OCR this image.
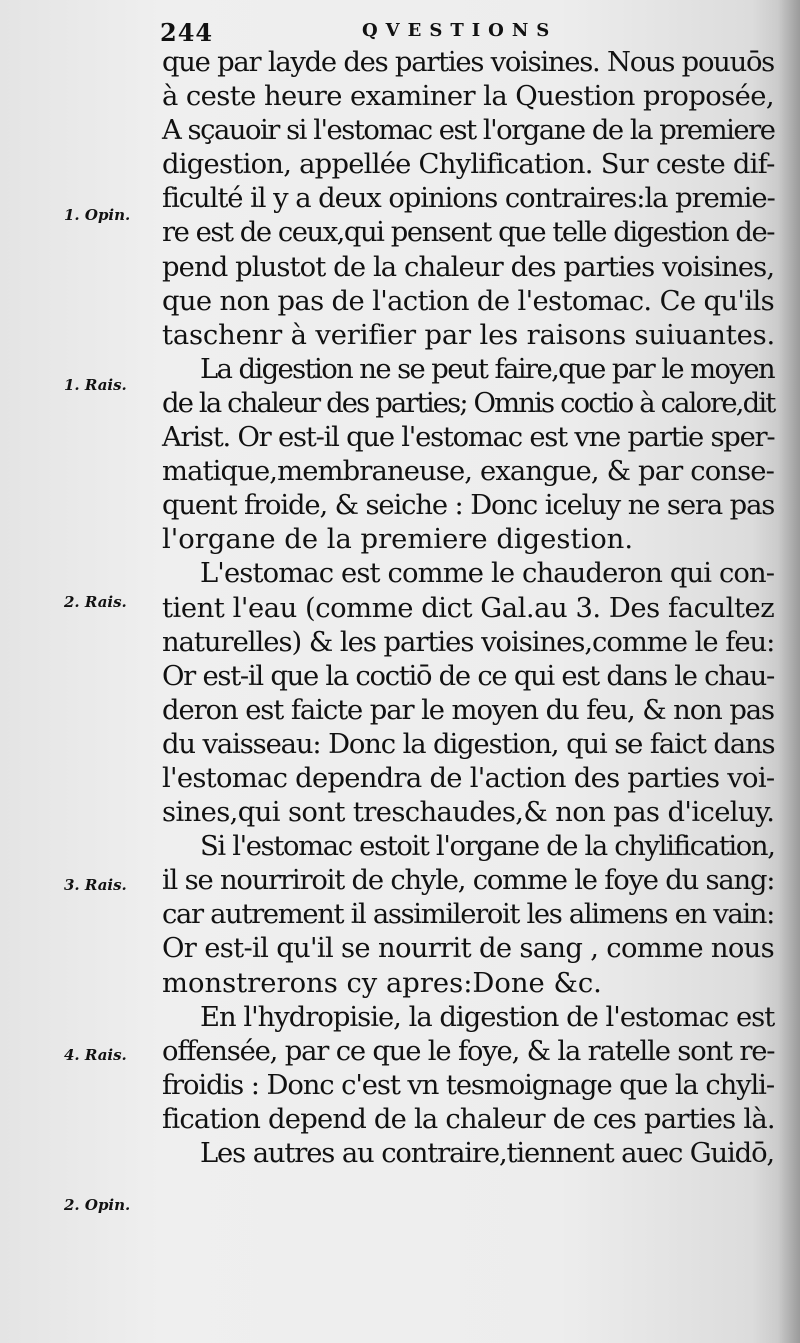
244	QVESTIONS
1. Opin.
1. Rais.
2. Rais.
3. Rais.
4. Rais.
2. Opin.
que par layde des parties voisines. Nous pouuōs
à ceste heure examiner la Question proposée,
A sçauoir si l'estomac est l'organe de la premiere
digestion, appellée Chylification. Sur ceste dif-
ficulté il y a deux opinions contraires:la premie-
re est de ceux,qui pensent que telle digestion de-
pend plustot de la chaleur des parties voisines,
que non pas de l'action de l'estomac. Ce qu'ils
taschenr à verifier par les raisons suiuantes.
La digestion ne se peut faire,que par le moyen
de la chaleur des parties; Omnis coctio à calore,dit
Arist. Or est-il que l'estomac est vne partie sper-
matique,membraneuse, exangue, & par conse-
quent froide, & seiche : Donc iceluy ne sera pas
l'organe de la premiere digestion.
L'estomac est comme le chauderon qui con-
tient l'eau (comme dict Gal.au 3. Des facultez
naturelles) & les parties voisines,comme le feu:
Or est-il que la coctiō de ce qui est dans le chau-
deron est faicte par le moyen du feu, & non pas
du vaisseau: Donc la digestion, qui se faict dans
l'estomac dependra de l'action des parties voi-
sines,qui sont treschaudes,& non pas d'iceluy.
Si l'estomac estoit l'organe de la chylification,
il se nourriroit de chyle, comme le foye du sang:
car autrement il assimileroit les alimens en vain:
Or est-il qu'il se nourrit de sang , comme nous
monstrerons cy apres:Done &c.
En l'hydropisie, la digestion de l'estomac est
offensée, par ce que le foye, & la ratelle sont re-
froidis : Donc c'est vn tesmoignage que la chyli-
fication depend de la chaleur de ces parties là.
Les autres au contraire,tiennent auec Guidō,
